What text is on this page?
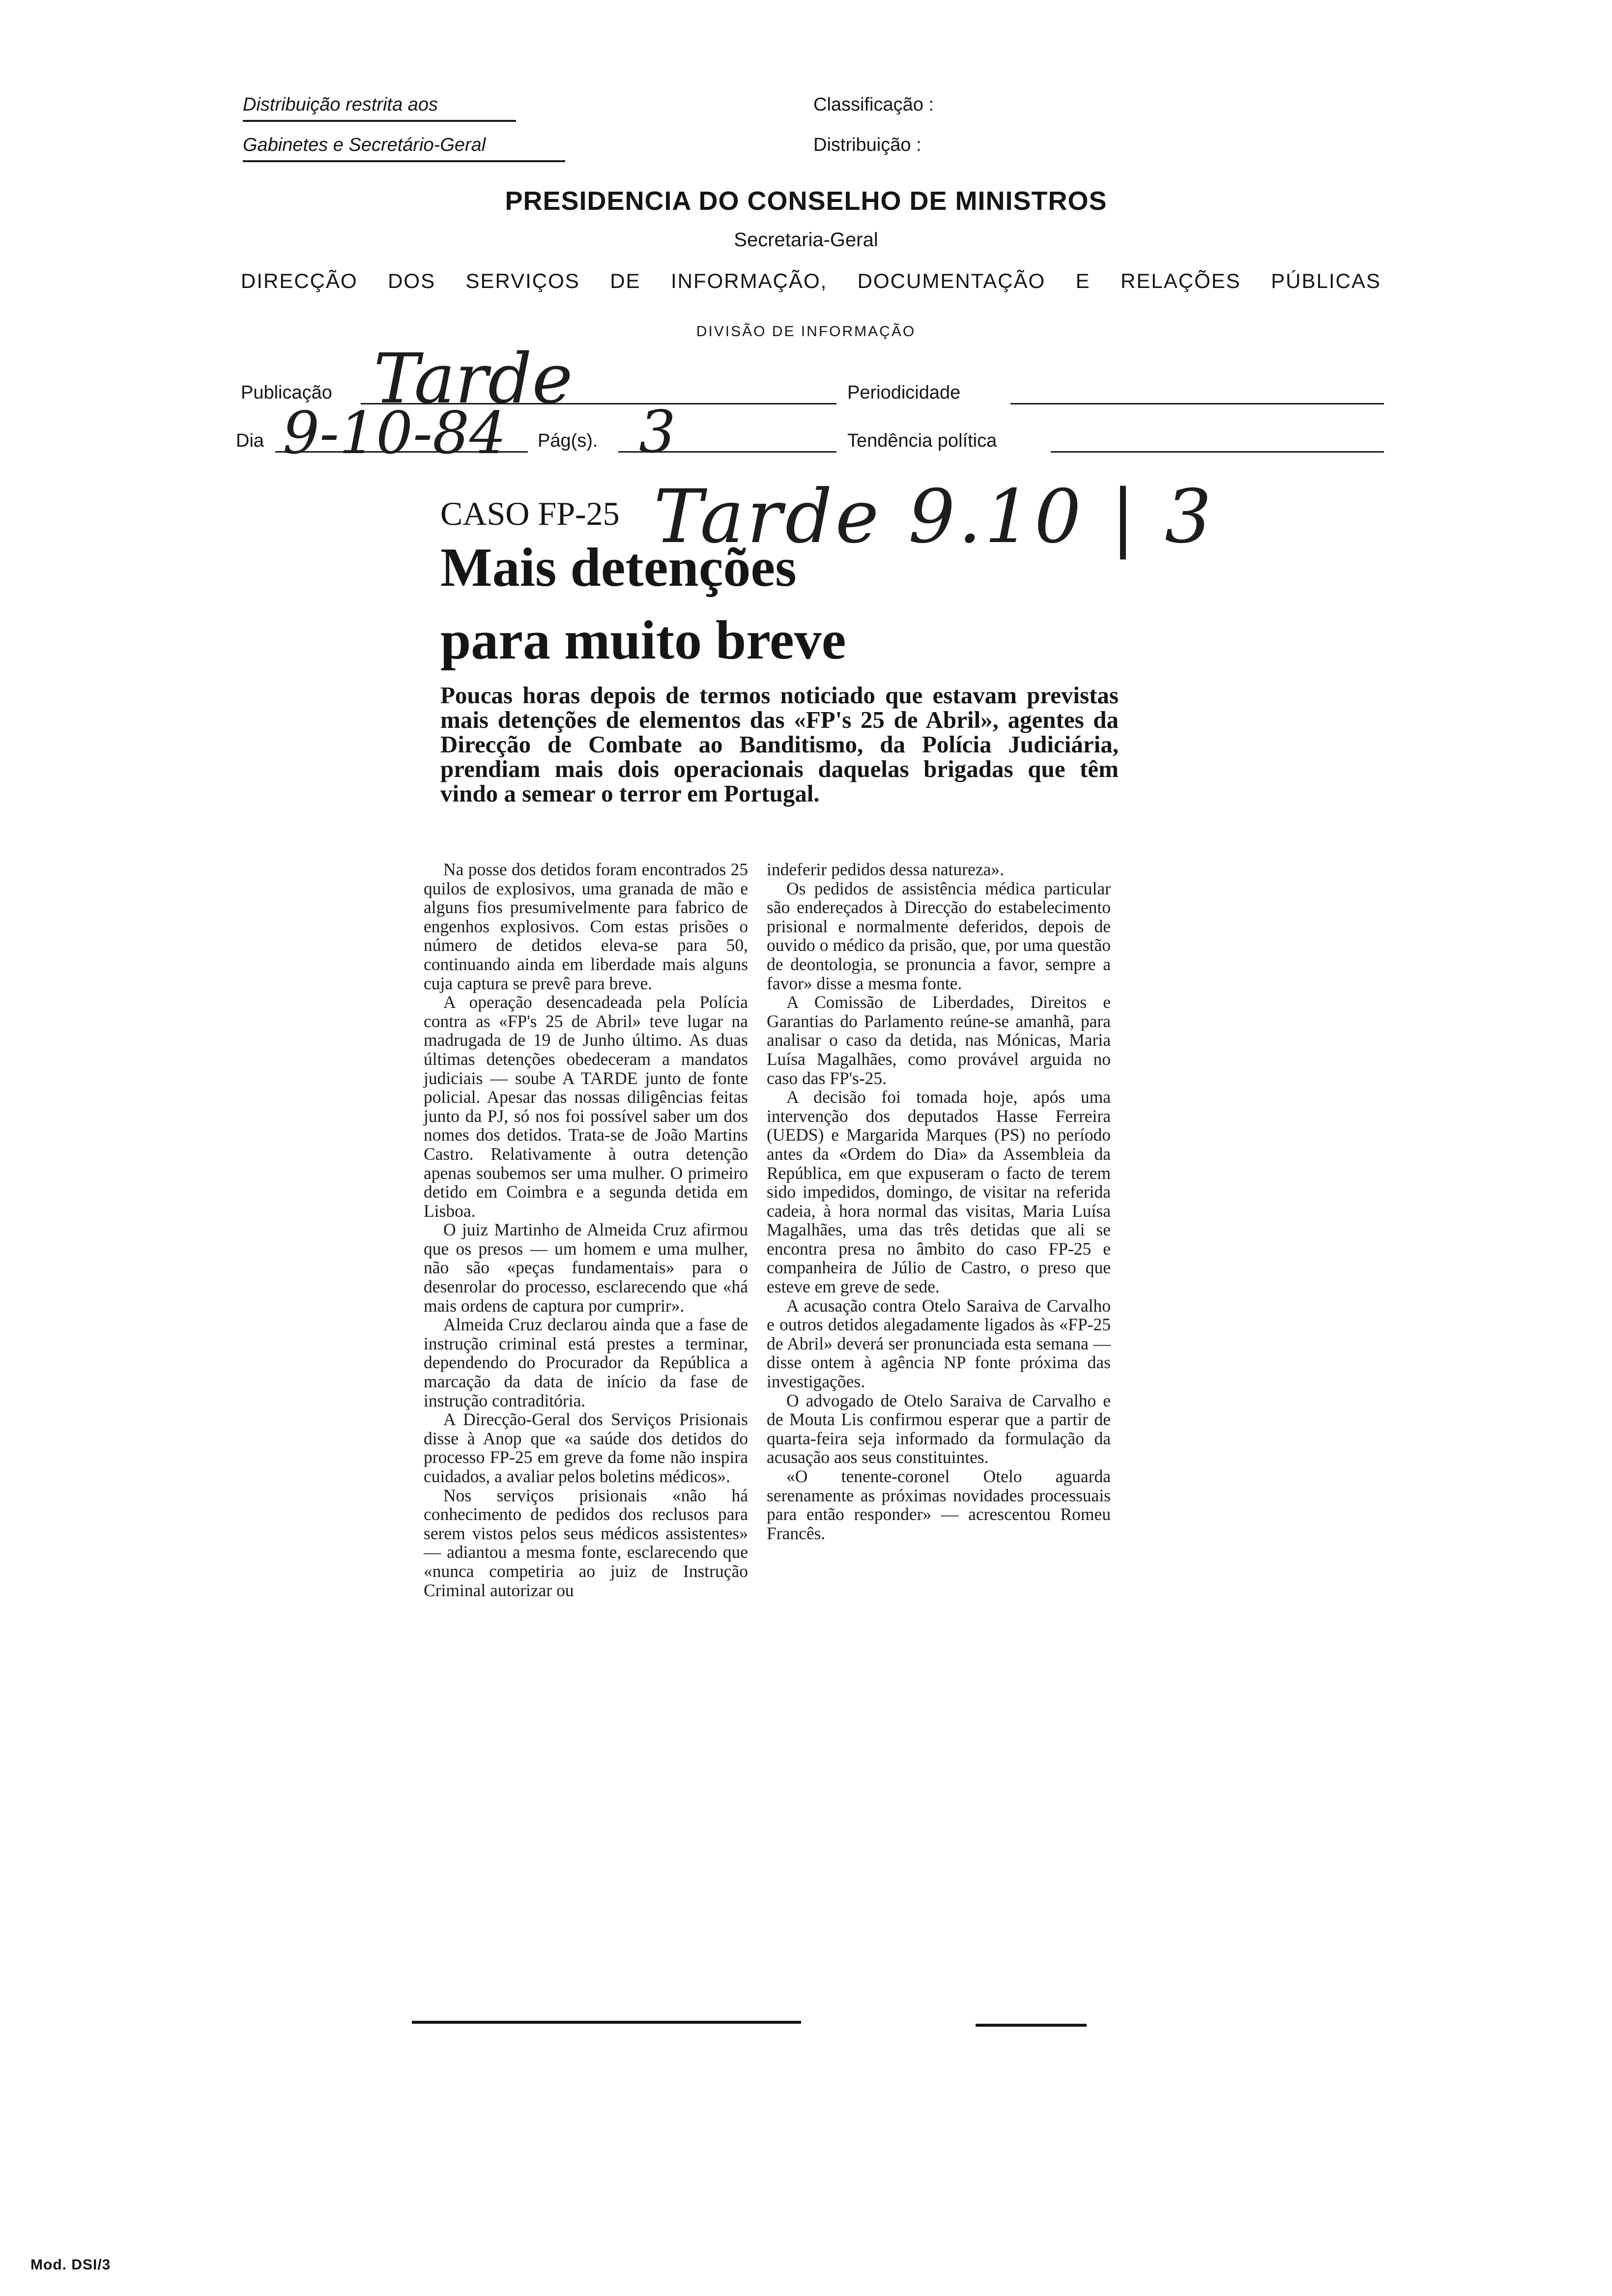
Distribuição restrita aos
Gabinetes e Secretário-Geral
Classificação :
Distribuição :
PRESIDENCIA DO CONSELHO DE MINISTROS
Secretaria-Geral
DIRECÇÃO DOS SERVIÇOS DE INFORMAÇÃO, DOCUMENTAÇÃO E RELAÇÕES PÚBLICAS
DIVISÃO DE INFORMAÇÃO
Publicação Tarde	Periodicidade
Dia 9-10-84 Pág(s). 3	Tendência política
CASO FP-25 Tarde 9.10 | 3
Mais detenções
para muito breve
Poucas horas depois de termos noticiado que estavam previstas mais detenções de elementos das «FP's 25 de Abril», agentes da Direcção de Combate ao Banditismo, da Polícia Judiciária, prendiam mais dois operacionais daquelas brigadas que têm vindo a semear o terror em Portugal.

Na posse dos detidos foram encontrados 25 quilos de explosivos, uma granada de mão e alguns fios presumivelmente para fabrico de engenhos explosivos. Com estas prisões o número de detidos eleva-se para 50, continuando ainda em liberdade mais alguns cuja captura se prevê para breve.

A operação desencadeada pela Polícia contra as «FP's 25 de Abril» teve lugar na madrugada de 19 de Junho último. As duas últimas detenções obedeceram a mandatos judiciais — soube A TARDE junto de fonte policial. Apesar das nossas diligências feitas junto da PJ, só nos foi possível saber um dos nomes dos detidos. Trata-se de João Martins Castro. Relativamente à outra detenção apenas soubemos ser uma mulher. O primeiro detido em Coimbra e a segunda detida em Lisboa.

O juiz Martinho de Almeida Cruz afirmou que os presos — um homem e uma mulher, não são «peças fundamentais» para o desenrolar do processo, esclarecendo que «há mais ordens de captura por cumprir».

Almeida Cruz declarou ainda que a fase de instrução criminal está prestes a terminar, dependendo do Procurador da República a marcação da data de início da fase de instrução contraditória.

A Direcção-Geral dos Serviços Prisionais disse à Anop que «a saúde dos detidos do processo FP-25 em greve da fome não inspira cuidados, a avaliar pelos boletins médicos».

Nos serviços prisionais «não há conhecimento de pedidos dos reclusos para serem vistos pelos seus médicos assistentes» — adiantou a mesma fonte, esclarecendo que «nunca competiria ao juiz de Instrução Criminal autorizar ou

indeferir pedidos dessa natureza».

Os pedidos de assistência médica particular são endereçados à Direcção do estabelecimento prisional e normalmente deferidos, depois de ouvido o médico da prisão, que, por uma questão de deontologia, se pronuncia a favor, sempre a favor» disse a mesma fonte.

A Comissão de Liberdades, Direitos e Garantias do Parlamento reúne-se amanhã, para analisar o caso da detida, nas Mónicas, Maria Luísa Magalhães, como provável arguida no caso das FP's-25.

A decisão foi tomada hoje, após uma intervenção dos deputados Hasse Ferreira (UEDS) e Margarida Marques (PS) no período antes da «Ordem do Dia» da Assembleia da República, em que expuseram o facto de terem sido impedidos, domingo, de visitar na referida cadeia, à hora normal das visitas, Maria Luísa Magalhães, uma das três detidas que ali se encontra presa no âmbito do caso FP-25 e companheira de Júlio de Castro, o preso que esteve em greve de sede.

A acusação contra Otelo Saraiva de Carvalho e outros detidos alegadamente ligados às «FP-25 de Abril» deverá ser pronunciada esta semana — disse ontem à agência NP fonte próxima das investigações.

O advogado de Otelo Saraiva de Carvalho e de Mouta Lis confirmou esperar que a partir de quarta-feira seja informado da formulação da acusação aos seus constituintes.

«O tenente-coronel Otelo aguarda serenamente as próximas novidades processuais para então responder» — acrescentou Romeu Francês.

Mod. DSI/3
